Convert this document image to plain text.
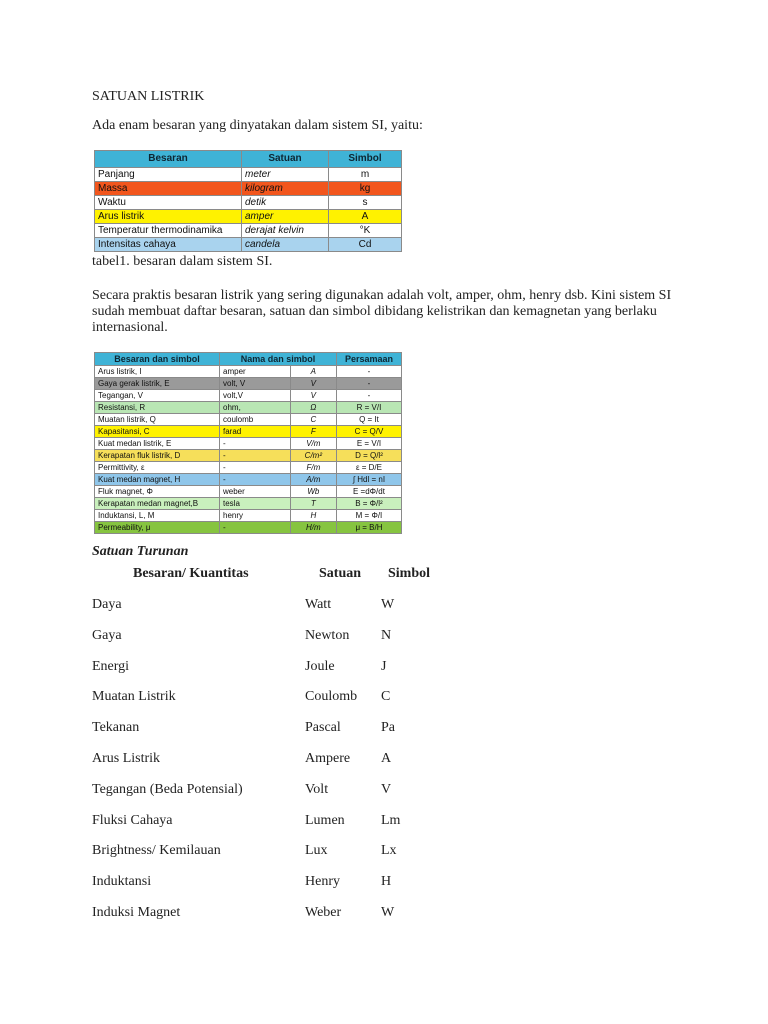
SATUAN LISTRIK
Ada enam besaran yang dinyatakan dalam sistem SI, yaitu:
Besaran	Satuan	Simbol
Panjang	meter	m
Massa	kilogram	kg
Waktu	detik	s
Arus listrik	amper	A
Temperatur thermodinamika	derajat kelvin	°K
Intensitas cahaya	candela	Cd
tabel1. besaran dalam sistem SI.
Secara praktis besaran listrik yang sering digunakan adalah volt, amper, ohm, henry dsb. Kini sistem SI sudah membuat daftar besaran, satuan dan simbol dibidang kelistrikan dan kemagnetan yang berlaku internasional.
Besaran dan simbol	Nama dan simbol		Persamaan
Arus listrik, I	amper	A	-
Gaya gerak listrik, E	volt, V	V	-
Tegangan, V	volt,V	V	-
Resistansi, R	ohm,	Ω	R = V/I
Muatan listrik, Q	coulomb	C	Q = It
Kapasitansi, C	farad	F	C = Q/V
Kuat medan listrik, E	-	V/m	E = V/I
Kerapatan fluk listrik, D	-	C/m²	D = Q/l²
Permittivity, ε	-	F/m	ε = D/E
Kuat medan magnet, H	-	A/m	∫ Hdl = nI
Fluk magnet, Φ	weber	Wb	E =dΦ/dt
Kerapatan medan magnet,B	tesla	T	B = Φ/l²
Induktansi, L, M	henry	H	M = Φ/I
Permeability, μ	-	H/m	μ = B/H
Satuan Turunan
Besaran/ Kuantitas	Satuan Simbol
Daya	Watt	W
Gaya	Newton N
Energi	Joule	J
Muatan Listrik	Coulomb C
Tekanan	Pascal	Pa
Arus Listrik	Ampere A
Tegangan (Beda Potensial)	Volt	V
Fluksi Cahaya	Lumen	Lm
Brightness/ Kemilauan	Lux	Lx
Induktansi	Henry	H
Induksi Magnet	Weber	W
